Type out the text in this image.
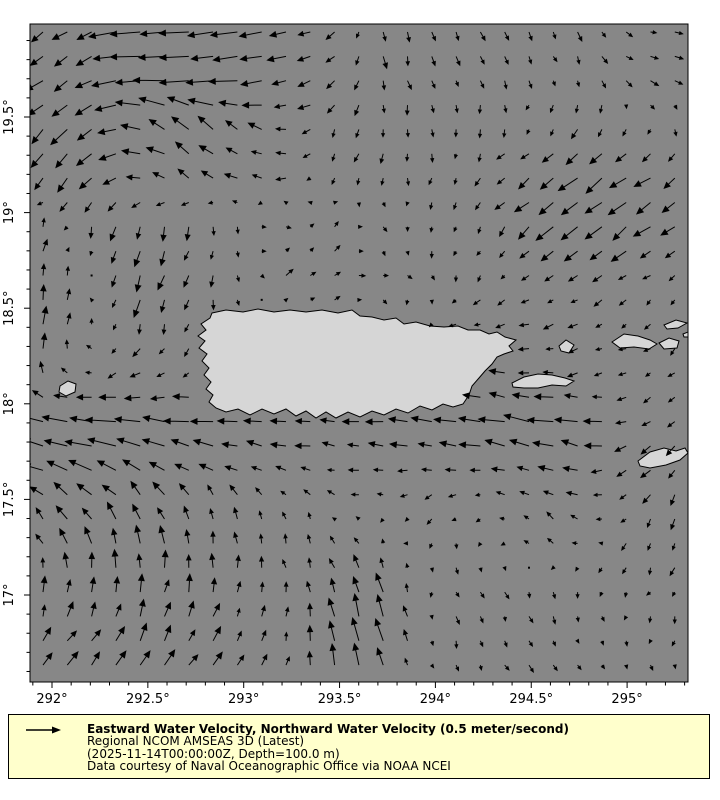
292°	292.5°	293°	293.5°	294°	294.5°	295°
19.5°
19°
18.5°
18°
17.5°
17°
Eastward Water Velocity, Northward Water Velocity (0.5 meter/second)
Regional NCOM AMSEAS 3D (Latest)
(2025-11-14T00:00:00Z, Depth=100.0 m)
Data courtesy of Naval Oceanographic Office via NOAA NCEI
